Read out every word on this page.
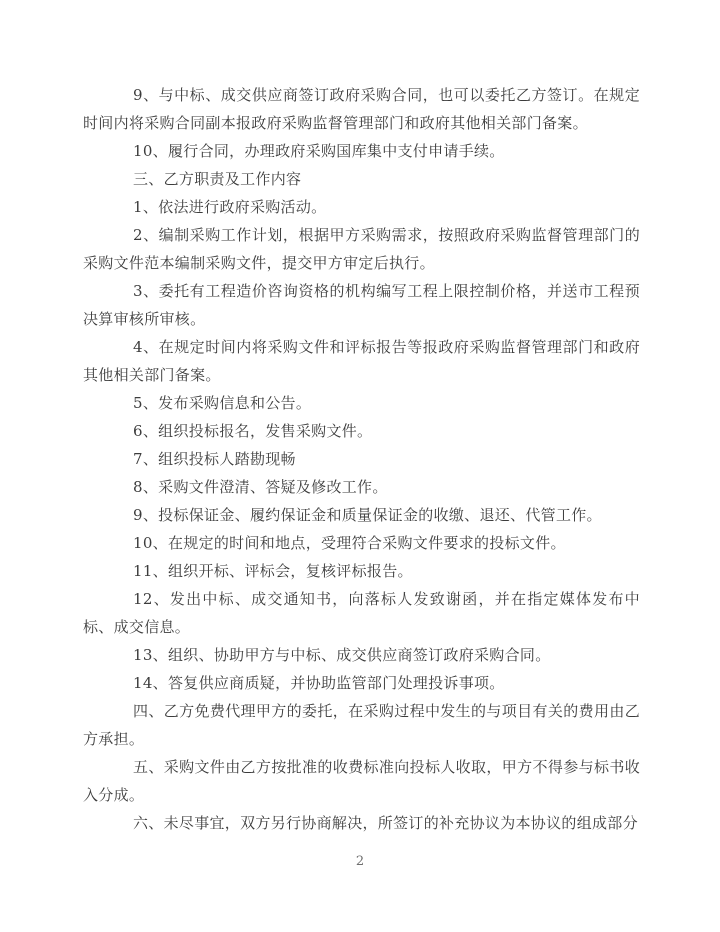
9、与中标、成交供应商签订政府采购合同，也可以委托乙方签订。在规定时间内将采购合同副本报政府采购监督管理部门和政府其他相关部门备案。

10、履行合同，办理政府采购国库集中支付申请手续。

三、乙方职责及工作内容

1、依法进行政府采购活动。

2、编制采购工作计划，根据甲方采购需求，按照政府采购监督管理部门的采购文件范本编制采购文件，提交甲方审定后执行。

3、委托有工程造价咨询资格的机构编写工程上限控制价格，并送市工程预决算审核所审核。

4、在规定时间内将采购文件和评标报告等报政府采购监督管理部门和政府其他相关部门备案。

5、发布采购信息和公告。

6、组织投标报名，发售采购文件。

7、组织投标人踏勘现畅

8、采购文件澄清、答疑及修改工作。

9、投标保证金、履约保证金和质量保证金的收缴、退还、代管工作。

10、在规定的时间和地点，受理符合采购文件要求的投标文件。

11、组织开标、评标会，复核评标报告。

12、发出中标、成交通知书，向落标人发致谢函，并在指定媒体发布中标、成交信息。

13、组织、协助甲方与中标、成交供应商签订政府采购合同。

14、答复供应商质疑，并协助监管部门处理投诉事项。

四、乙方免费代理甲方的委托，在采购过程中发生的与项目有关的费用由乙方承担。

五、采购文件由乙方按批准的收费标准向投标人收取，甲方不得参与标书收入分成。

六、未尽事宜，双方另行协商解决，所签订的补充协议为本协议的组成部分

2
